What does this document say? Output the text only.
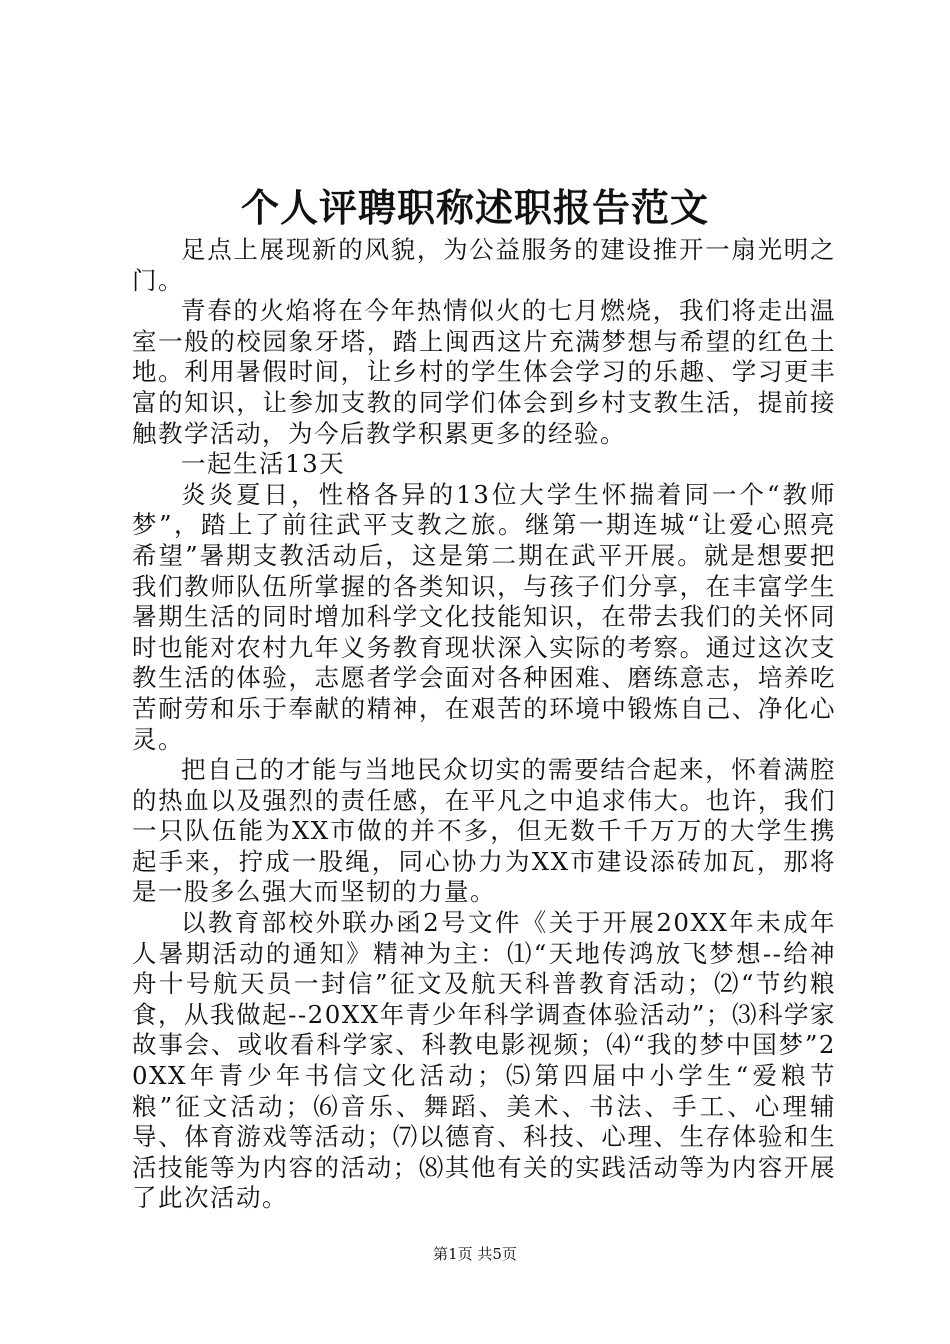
个人评聘职称述职报告范文

足点上展现新的风貌，为公益服务的建设推开一扇光明之门。

青春的火焰将在今年热情似火的七月燃烧，我们将走出温室一般的校园象牙塔，踏上闽西这片充满梦想与希望的红色土地。利用暑假时间，让乡村的学生体会学习的乐趣、学习更丰富的知识，让参加支教的同学们体会到乡村支教生活，提前接触教学活动，为今后教学积累更多的经验。

一起生活13天

炎炎夏日，性格各异的13位大学生怀揣着同一个“教师梦”，踏上了前往武平支教之旅。继第一期连城“让爱心照亮希望”暑期支教活动后，这是第二期在武平开展。就是想要把我们教师队伍所掌握的各类知识，与孩子们分享，在丰富学生暑期生活的同时增加科学文化技能知识，在带去我们的关怀同时也能对农村九年义务教育现状深入实际的考察。通过这次支教生活的体验，志愿者学会面对各种困难、磨练意志，培养吃苦耐劳和乐于奉献的精神，在艰苦的环境中锻炼自己、净化心灵。

把自己的才能与当地民众切实的需要结合起来，怀着满腔的热血以及强烈的责任感，在平凡之中追求伟大。也许，我们一只队伍能为XX市做的并不多，但无数千千万万的大学生携起手来，拧成一股绳，同心协力为XX市建设添砖加瓦，那将是一股多么强大而坚韧的力量。

以教育部校外联办函2号文件《关于开展20XX年未成年人暑期活动的通知》精神为主：⑴“天地传鸿放飞梦想--给神舟十号航天员一封信”征文及航天科普教育活动；⑵“节约粮食，从我做起--20XX年青少年科学调查体验活动”；⑶科学家故事会、或收看科学家、科教电影视频；⑷“我的梦中国梦”20XX年青少年书信文化活动；⑸第四届中小学生“爱粮节粮”征文活动；⑹音乐、舞蹈、美术、书法、手工、心理辅导、体育游戏等活动；⑺以德育、科技、心理、生存体验和生活技能等为内容的活动；⑻其他有关的实践活动等为内容开展了此次活动。

第1页 共5页
